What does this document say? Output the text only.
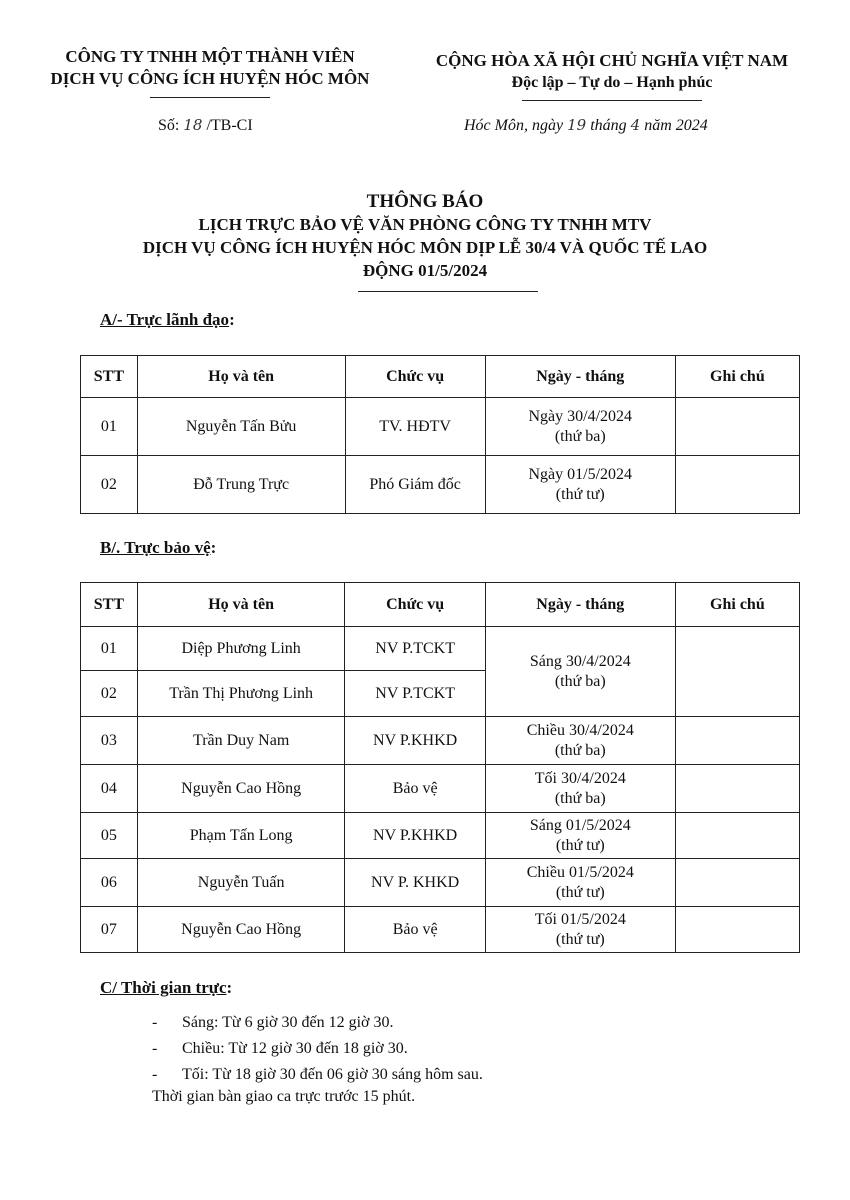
CÔNG TY TNHH MỘT THÀNH VIÊN
DỊCH VỤ CÔNG ÍCH HUYỆN HÓC MÔN
CỘNG HÒA XÃ HỘI CHỦ NGHĨA VIỆT NAM
Độc lập – Tự do – Hạnh phúc
Số: 18 /TB-CI	Hóc Môn, ngày 19 tháng 4 năm 2024
THÔNG BÁO
LỊCH TRỰC BẢO VỆ VĂN PHÒNG CÔNG TY TNHH MTV
DỊCH VỤ CÔNG ÍCH HUYỆN HÓC MÔN DỊP LỄ 30/4 VÀ QUỐC TẾ LAO
ĐỘNG 01/5/2024
A/- Trực lãnh đạo:
STT	Họ và tên	Chức vụ	Ngày - tháng	Ghi chú
01	Nguyễn Tấn Bửu	TV. HĐTV	Ngày 30/4/2024
(thứ ba)	

02	Đỗ Trung Trực	Phó Giám đốc	Ngày 01/5/2024
(thứ tư)	

B/. Trực bảo vệ:
STT	Họ và tên	Chức vụ	Ngày - tháng	Ghi chú
01	Diệp Phương Linh	NV P.TCKT	Sáng 30/4/2024
(thứ ba)	

02	Trần Thị Phương Linh	NV P.TCKT		
03	Trần Duy Nam	NV P.KHKD	Chiều 30/4/2024
(thứ ba)	

04	Nguyễn Cao Hồng	Bảo vệ	Tối 30/4/2024
(thứ ba)	

05	Phạm Tấn Long	NV P.KHKD	Sáng 01/5/2024
(thứ tư)	

06	Nguyễn Tuấn	NV P. KHKD	Chiều 01/5/2024
(thứ tư)	

07	Nguyễn Cao Hồng	Bảo vệ	Tối 01/5/2024
(thứ tư)	

C/ Thời gian trực:
- Sáng: Từ 6 giờ 30 đến 12 giờ 30.
- Chiều: Từ 12 giờ 30 đến 18 giờ 30.
- Tối: Từ 18 giờ 30 đến 06 giờ 30 sáng hôm sau.
Thời gian bàn giao ca trực trước 15 phút.
